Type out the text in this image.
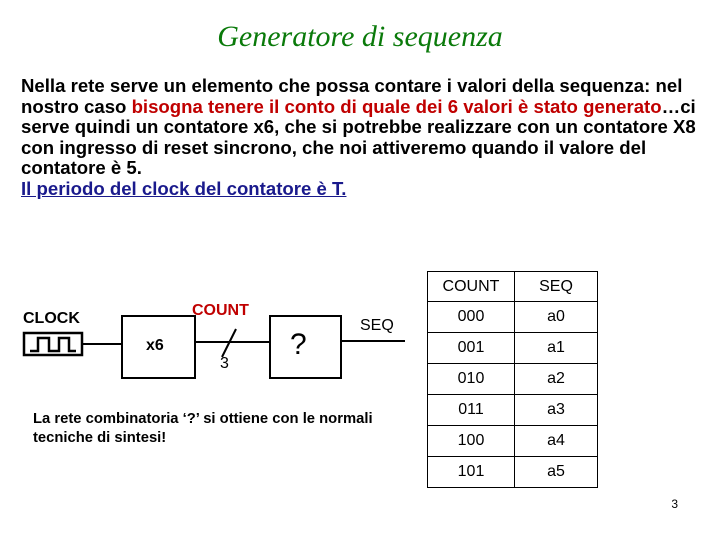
Generatore di sequenza
Nella rete serve un elemento che possa contare i valori della sequenza: nel nostro caso bisogna tenere il conto di quale dei 6 valori è stato generato…ci serve quindi un contatore x6, che si potrebbe realizzare con un contatore X8 con ingresso di reset sincrono, che noi attiveremo quando il valore del contatore è 5.
Il periodo del clock del contatore è T.
CLOCK
x6
COUNT
3
?
SEQ
La rete combinatoria ‘?’ si ottiene con le normali tecniche di sintesi!
COUNT	SEQ
000	a0
001	a1
010	a2
011	a3
100	a4
101	a5
3
